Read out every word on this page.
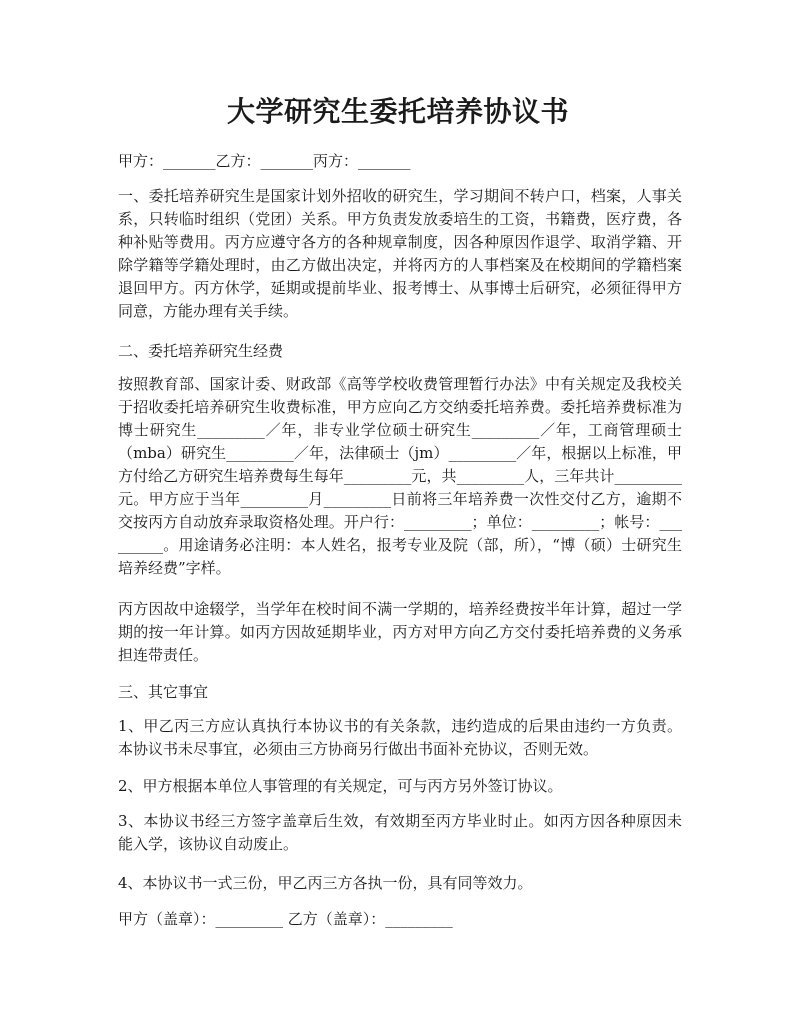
大学研究生委托培养协议书

甲方：_______乙方：_______丙方：_______

一、委托培养研究生是国家计划外招收的研究生，学习期间不转户口，档案，人事关系，只转临时组织（党团）关系。甲方负责发放委培生的工资，书籍费，医疗费，各种补贴等费用。丙方应遵守各方的各种规章制度，因各种原因作退学、取消学籍、开除学籍等学籍处理时，由乙方做出决定，并将丙方的人事档案及在校期间的学籍档案退回甲方。丙方休学，延期或提前毕业、报考博士、从事博士后研究，必须征得甲方同意，方能办理有关手续。

二、委托培养研究生经费

按照教育部、国家计委、财政部《高等学校收费管理暂行办法》中有关规定及我校关于招收委托培养研究生收费标准，甲方应向乙方交纳委托培养费。委托培养费标准为博士研究生_________／年，非专业学位硕士研究生_________／年，工商管理硕士（mba）研究生_________／年，法律硕士（jm）_________／年，根据以上标准，甲方付给乙方研究生培养费每生每年_________元，共_________人，三年共计_________元。甲方应于当年_________月_________日前将三年培养费一次性交付乙方，逾期不交按丙方自动放弃录取资格处理。开户行：_________；单位：_________；帐号：_________。用途请务必注明：本人姓名，报考专业及院（部，所），“博（硕）士研究生培养经费”字样。

丙方因故中途辍学，当学年在校时间不满一学期的，培养经费按半年计算，超过一学期的按一年计算。如丙方因故延期毕业，丙方对甲方向乙方交付委托培养费的义务承担连带责任。

三、其它事宜

1、甲乙丙三方应认真执行本协议书的有关条款，违约造成的后果由违约一方负责。本协议书未尽事宜，必须由三方协商另行做出书面补充协议，否则无效。

2、甲方根据本单位人事管理的有关规定，可与丙方另外签订协议。

3、本协议书经三方签字盖章后生效，有效期至丙方毕业时止。如丙方因各种原因未能入学，该协议自动废止。

4、本协议书一式三份，甲乙丙三方各执一份，具有同等效力。

甲方（盖章）：_________ 乙方（盖章）：_________
